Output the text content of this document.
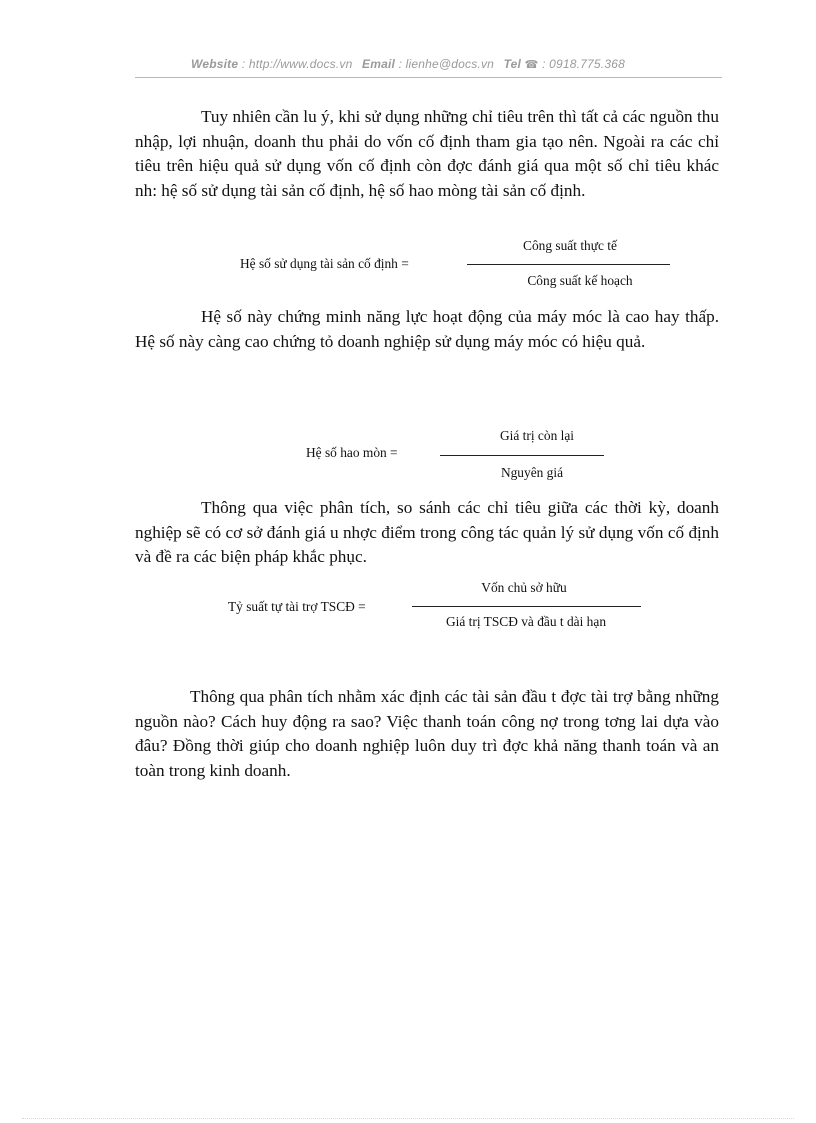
Website : http://www.docs.vn Email : lienhe@docs.vn Tel ☎ : 0918.775.368

Tuy nhiên cần lu ý, khi sử dụng những chỉ tiêu trên thì tất cả các nguồn thu nhập, lợi nhuận, doanh thu phải do vốn cố định tham gia tạo nên. Ngoài ra các chỉ tiêu trên hiệu quả sử dụng vốn cố định còn đợc đánh giá qua một số chỉ tiêu khác nh: hệ số sử dụng tài sản cố định, hệ số hao mòng tài sản cố định.

Hệ số sử dụng tài sản cố định =
Công suất thực tế
Công suất kế hoạch

Hệ số này chứng minh năng lực hoạt động của máy móc là cao hay thấp. Hệ số này càng cao chứng tỏ doanh nghiệp sử dụng máy móc có hiệu quả.

Hệ số hao mòn =
Giá trị còn lại
Nguyên giá

Thông qua việc phân tích, so sánh các chỉ tiêu giữa các thời kỳ, doanh nghiệp sẽ có cơ sở đánh giá u nhợc điểm trong công tác quản lý sử dụng vốn cố định và đề ra các biện pháp khắc phục.

Tỷ suất tự tài trợ TSCĐ =
Vốn chủ sở hữu
Giá trị TSCĐ và đầu t dài hạn

Thông qua phân tích nhằm xác định các tài sản đầu t đợc tài trợ bằng những nguồn nào? Cách huy động ra sao? Việc thanh toán công nợ trong tơng lai dựa vào đâu? Đồng thời giúp cho doanh nghiệp luôn duy trì đợc khả năng thanh toán và an toàn trong kinh doanh.
